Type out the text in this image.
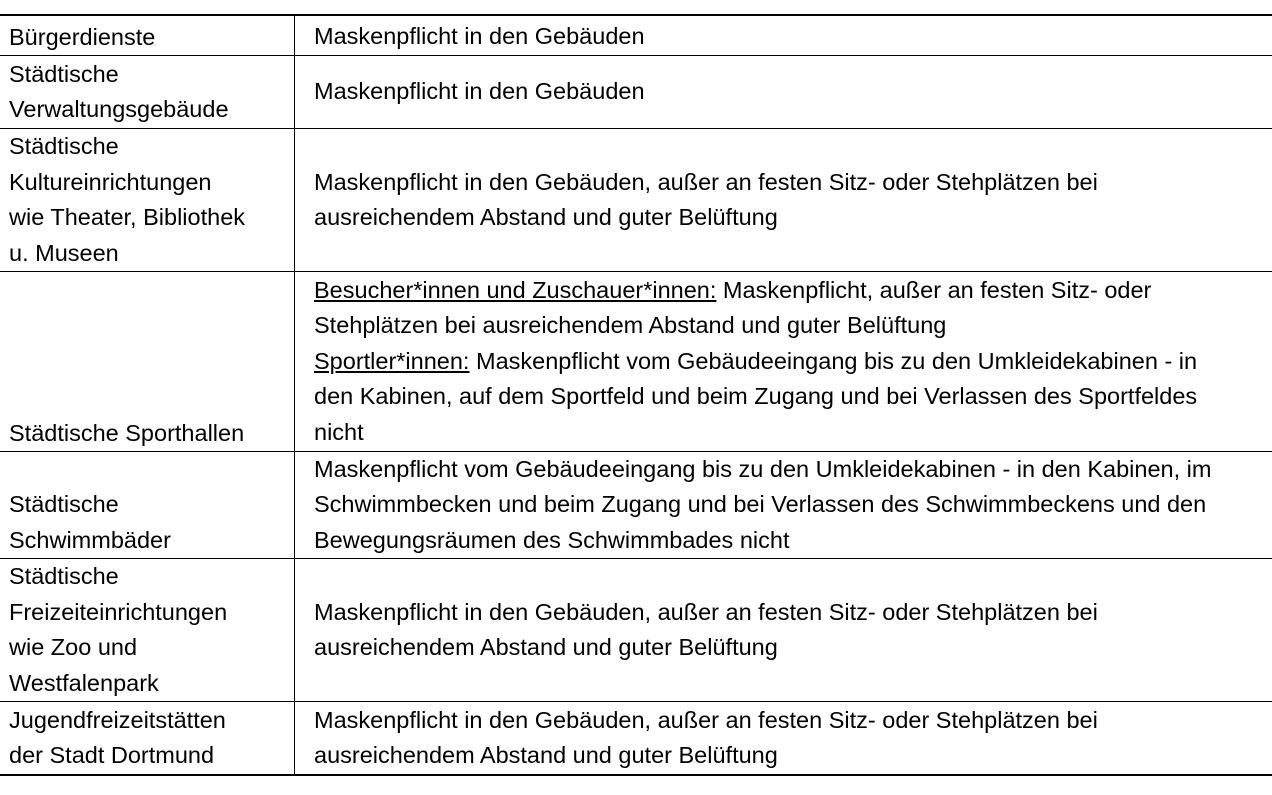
Bürgerdienste	Maskenpflicht in den Gebäuden
Städtische
Verwaltungsgebäude
Maskenpflicht in den Gebäuden
Städtische
Kultureinrichtungen
wie Theater, Bibliothek
u. Museen
Maskenpflicht in den Gebäuden, außer an festen Sitz- oder Stehplätzen bei
ausreichendem Abstand und guter Belüftung
Städtische Sporthallen
Besucher*innen und Zuschauer*innen: Maskenpflicht, außer an festen Sitz- oder
Stehplätzen bei ausreichendem Abstand und guter Belüftung
Sportler*innen: Maskenpflicht vom Gebäudeeingang bis zu den Umkleidekabinen - in
den Kabinen, auf dem Sportfeld und beim Zugang und bei Verlassen des Sportfeldes
nicht
Städtische
Schwimmbäder
Maskenpflicht vom Gebäudeeingang bis zu den Umkleidekabinen - in den Kabinen, im
Schwimmbecken und beim Zugang und bei Verlassen des Schwimmbeckens und den
Bewegungsräumen des Schwimmbades nicht
Städtische
Freizeiteinrichtungen
wie Zoo und
Westfalenpark
Maskenpflicht in den Gebäuden, außer an festen Sitz- oder Stehplätzen bei
ausreichendem Abstand und guter Belüftung
Jugendfreizeitstätten
der Stadt Dortmund
Maskenpflicht in den Gebäuden, außer an festen Sitz- oder Stehplätzen bei
ausreichendem Abstand und guter Belüftung
